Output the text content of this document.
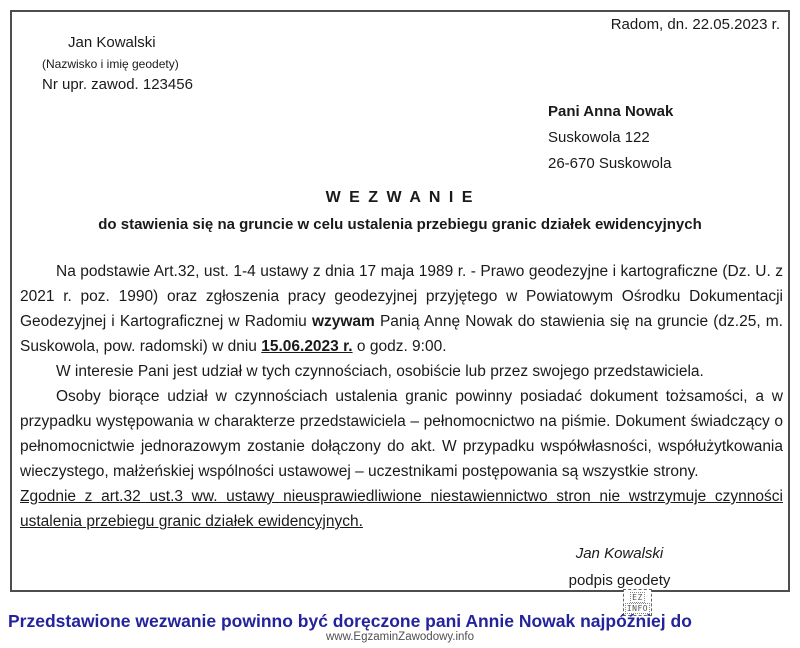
Radom, dn. 22.05.2023 r.
Jan Kowalski
(Nazwisko i imię geodety)
Nr upr. zawod. 123456
Pani Anna Nowak
Suskowola 122
26-670 Suskowola
W E Z W A N I E
do stawienia się na gruncie w celu ustalenia przebiegu granic działek ewidencyjnych

Na podstawie Art.32, ust. 1-4 ustawy z dnia 17 maja 1989 r. - Prawo geodezyjne i kartograficzne (Dz. U. z 2021 r. poz. 1990) oraz zgłoszenia pracy geodezyjnej przyjętego w Powiatowym Ośrodku Dokumentacji Geodezyjnej i Kartograficznej w Radomiu wzywam Panią Annę Nowak do stawienia się na gruncie (dz.25, m. Suskowola, pow. radomski) w dniu 15.06.2023 r. o godz. 9:00.

W interesie Pani jest udział w tych czynnościach, osobiście lub przez swojego przedstawiciela.

Osoby biorące udział w czynnościach ustalenia granic powinny posiadać dokument tożsamości, a w przypadku występowania w charakterze przedstawiciela – pełnomocnictwo na piśmie. Dokument świadczący o pełnomocnictwie jednorazowym zostanie dołączony do akt. W przypadku współwłasności, współużytkowania wieczystego, małżeńskiej wspólności ustawowej – uczestnikami postępowania są wszystkie strony.

Zgodnie z art.32 ust.3 ww. ustawy nieusprawiedliwione niestawiennictwo stron nie wstrzymuje czynności ustalenia przebiegu granic działek ewidencyjnych.

Jan Kowalski
podpis geodety
EZ
INFO
Przedstawione wezwanie powinno być doręczone pani Annie Nowak najpóźniej do
www.EgzaminZawodowy.info
